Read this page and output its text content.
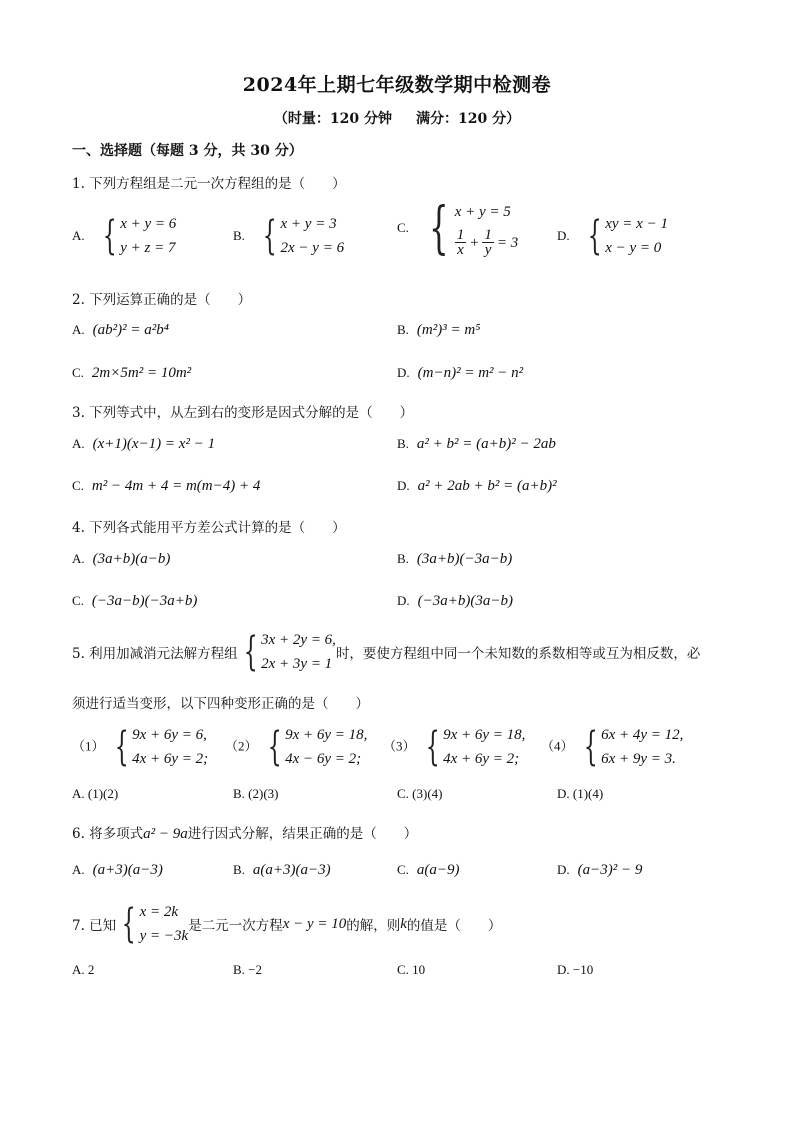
2024年上期七年级数学期中检测卷
（时量：120 分钟 满分：120 分）
一、选择题（每题 3 分，共 30 分）
1. 下列方程组是二元一次方程组的是（　　）
A. { x + y = 6
y + z = 7
B. { x + y = 3
2x − y = 6
C. { x + y = 5
$\frac{1}{x} + \frac{1}{y} = 3$	D. { xy = x − 1
x − y = 0
2. 下列运算正确的是（　　）
A. (ab²)² = a²b⁴	B. (m²)³ = m⁵
C. 2m×5m² = 10m²	D. (m−n)² = m² − n²
3. 下列等式中，从左到右的变形是因式分解的是（　　）
A. (x+1)(x−1) = x² − 1	B. a² + b² = (a+b)² − 2ab
C. m² − 4m + 4 = m(m−4) + 4	D. a² + 2ab + b² = (a+b)²
4. 下列各式能用平方差公式计算的是（　　）
A. (3a+b)(a−b)	B. (3a+b)(−3a−b)
C. (−3a−b)(−3a+b)	D. (−3a+b)(3a−b)
5. 利用加减消元法解方程组 { 3x + 2y = 6,
2x + 3y = 1
时，要使方程组中同一个未知数的系数相等或互为相反数，必
须进行适当变形，以下四种变形正确的是（　　）
（1） { 9x + 6y = 6,
4x + 6y = 2;
（2） { 9x + 6y = 18,
4x − 6y = 2;
（3） { 9x + 6y = 18,
4x + 6y = 2;
（4） { 6x + 4y = 12,
6x + 9y = 3.
A. (1)(2)	B. (2)(3)	C. (3)(4)	D. (1)(4)
6. 将多项式a² − 9a进行因式分解，结果正确的是（　　）
A. (a+3)(a−3)	B. a(a+3)(a−3)	C. a(a−9)	D. (a−3)² − 9
7. 已知 { x = 2k
y = −3k
是二元一次方程 x − y = 10 的解，则 k 的值是（　　）
A. 2	B. −2	C. 10	D. −10
